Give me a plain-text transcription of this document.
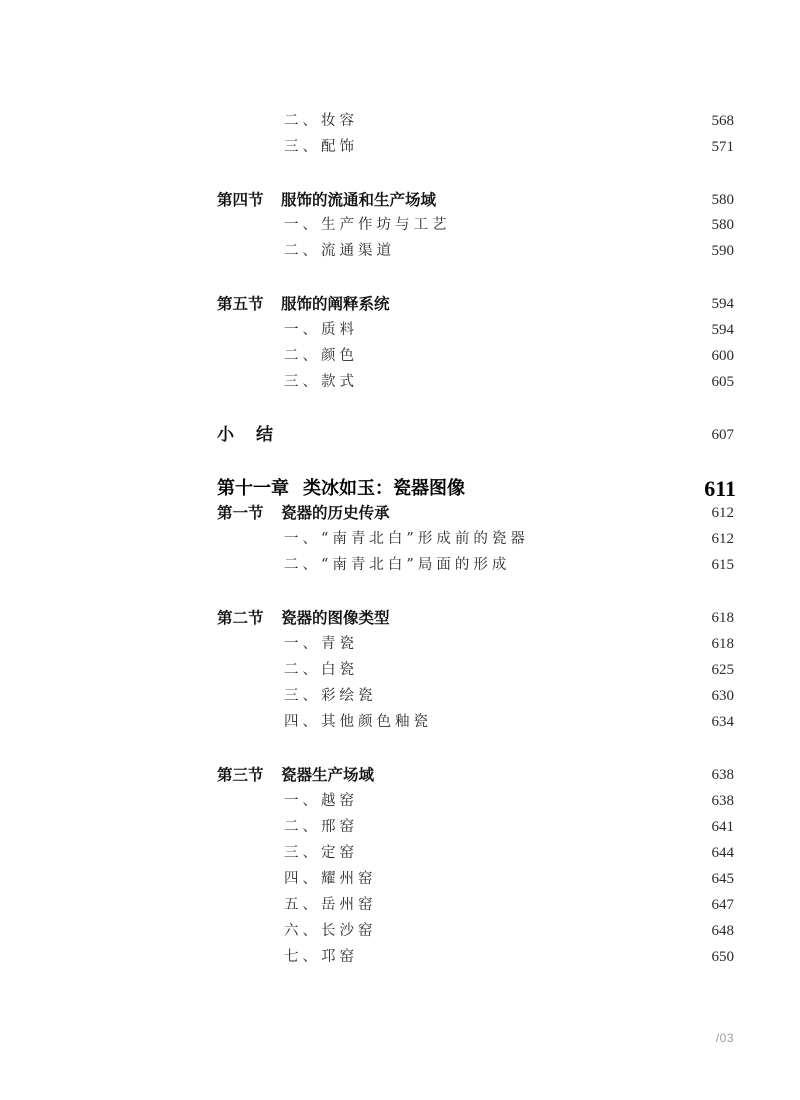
二、妆容	568
三、配饰	571
第四节 服饰的流通和生产场域	580
一、生产作坊与工艺	580
二、流通渠道	590
第五节 服饰的阐释系统	594
一、质料	594
二、颜色	600
三、款式	605
小结	607
第十一章 类冰如玉：瓷器图像	611
第一节 瓷器的历史传承	612
一、“南青北白”形成前的瓷器	612
二、“南青北白”局面的形成	615
第二节 瓷器的图像类型	618
一、青瓷	618
二、白瓷	625
三、彩绘瓷	630
四、其他颜色釉瓷	634
第三节 瓷器生产场域	638
一、越窑	638
二、邢窑	641
三、定窑	644
四、耀州窑	645
五、岳州窑	647
六、长沙窑	648
七、邛窑	650
/03
